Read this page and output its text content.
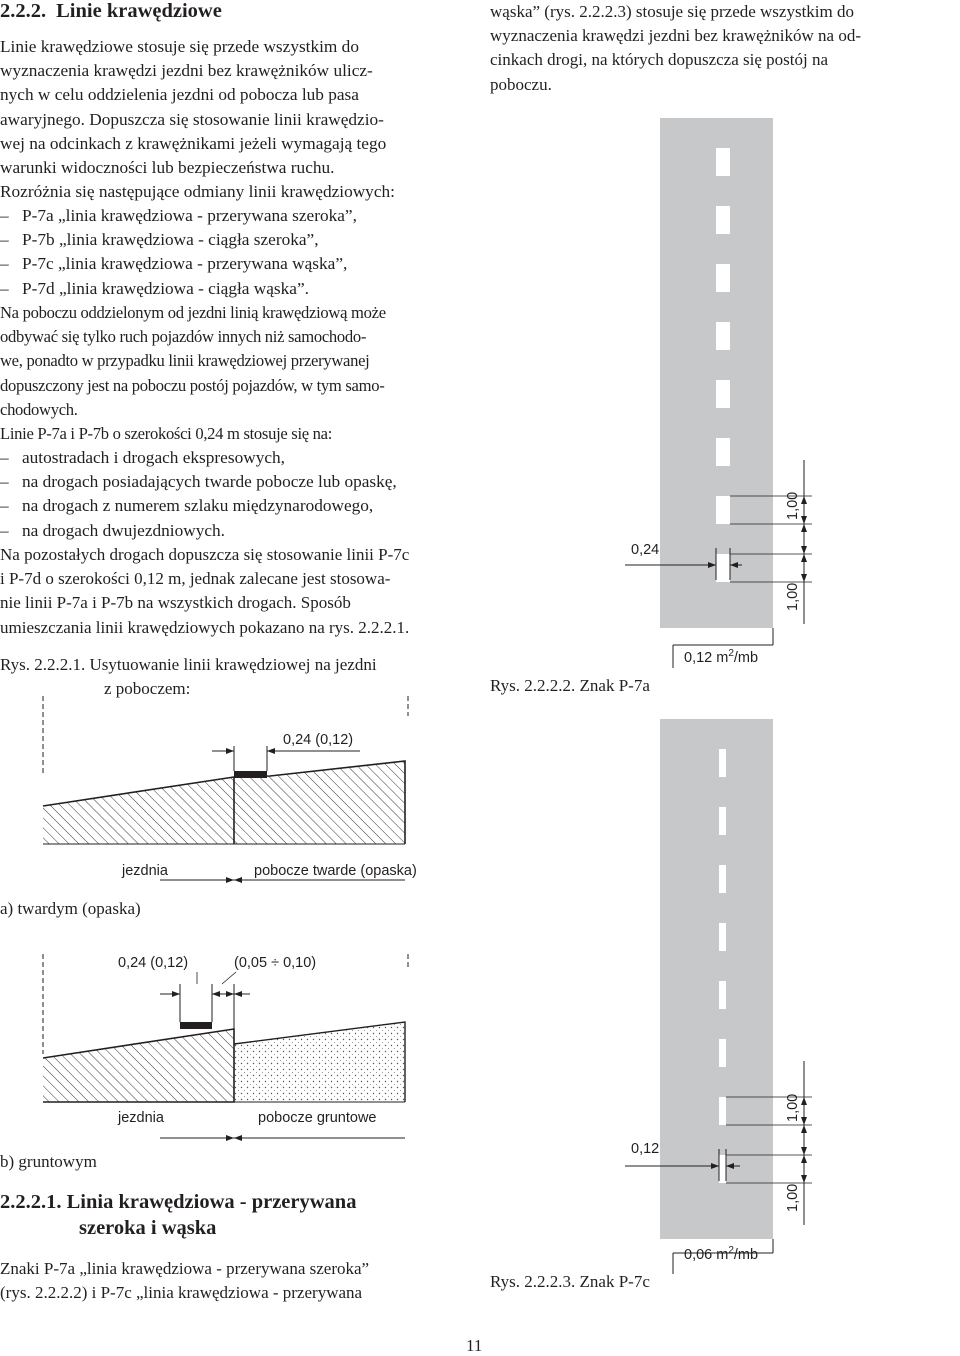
2.2.2. Linie krawędziowe
Linie krawędziowe stosuje się przede wszystkim do
wyznaczenia krawędzi jezdni bez krawężników ulicz-
nych w celu oddzielenia jezdni od pobocza lub pasa
awaryjnego. Dopuszcza się stosowanie linii krawędzio-
wej na odcinkach z krawężnikami jeżeli wymagają tego
warunki widoczności lub bezpieczeństwa ruchu.
Rozróżnia się następujące odmiany linii krawędziowych:
– P-7a „linia krawędziowa - przerywana szeroka”,
– P-7b „linia krawędziowa - ciągła szeroka”,
– P-7c „linia krawędziowa - przerywana wąska”,
– P-7d „linia krawędziowa - ciągła wąska”.
Na poboczu oddzielonym od jezdni linią krawędziową może
odbywać się tylko ruch pojazdów innych niż samochodo-
we, ponadto w przypadku linii krawędziowej przerywanej
dopuszczony jest na poboczu postój pojazdów, w tym samo-
chodowych.
Linie P-7a i P-7b o szerokości 0,24 m stosuje się na:
– autostradach i drogach ekspresowych,
– na drogach posiadających twarde pobocze lub opaskę,
– na drogach z numerem szlaku międzynarodowego,
– na drogach dwujezdniowych.
Na pozostałych drogach dopuszcza się stosowanie linii P-7c
i P-7d o szerokości 0,12 m, jednak zalecane jest stosowa-
nie linii P-7a i P-7b na wszystkich drogach. Sposób
umieszczania linii krawędziowych pokazano na rys. 2.2.2.1.
Rys. 2.2.2.1. Usytuowanie linii krawędziowej na jezdni
z poboczem:
0,24 (0,12)
jezdnia	pobocze twarde (opaska)
a) twardym (opaska)
0,24 (0,12)	(0,05 ÷ 0,10)
jezdnia	pobocze gruntowe
b) gruntowym
2.2.2.1. Linia krawędziowa - przerywana
szeroka i wąska
Znaki P-7a „linia krawędziowa - przerywana szeroka”
(rys. 2.2.2.2) i P-7c „linia krawędziowa - przerywana
wąska” (rys. 2.2.2.3) stosuje się przede wszystkim do
wyznaczenia krawędzi jezdni bez krawężników na od-
cinkach drogi, na których dopuszcza się postój na
poboczu.
0,24
1,00
1,00
0,12 $m^2/mb$
Rys. 2.2.2.2. Znak P-7a
0,12
1,00
1,00
0,06 $m^2/mb$
Rys. 2.2.2.3. Znak P-7c
11
